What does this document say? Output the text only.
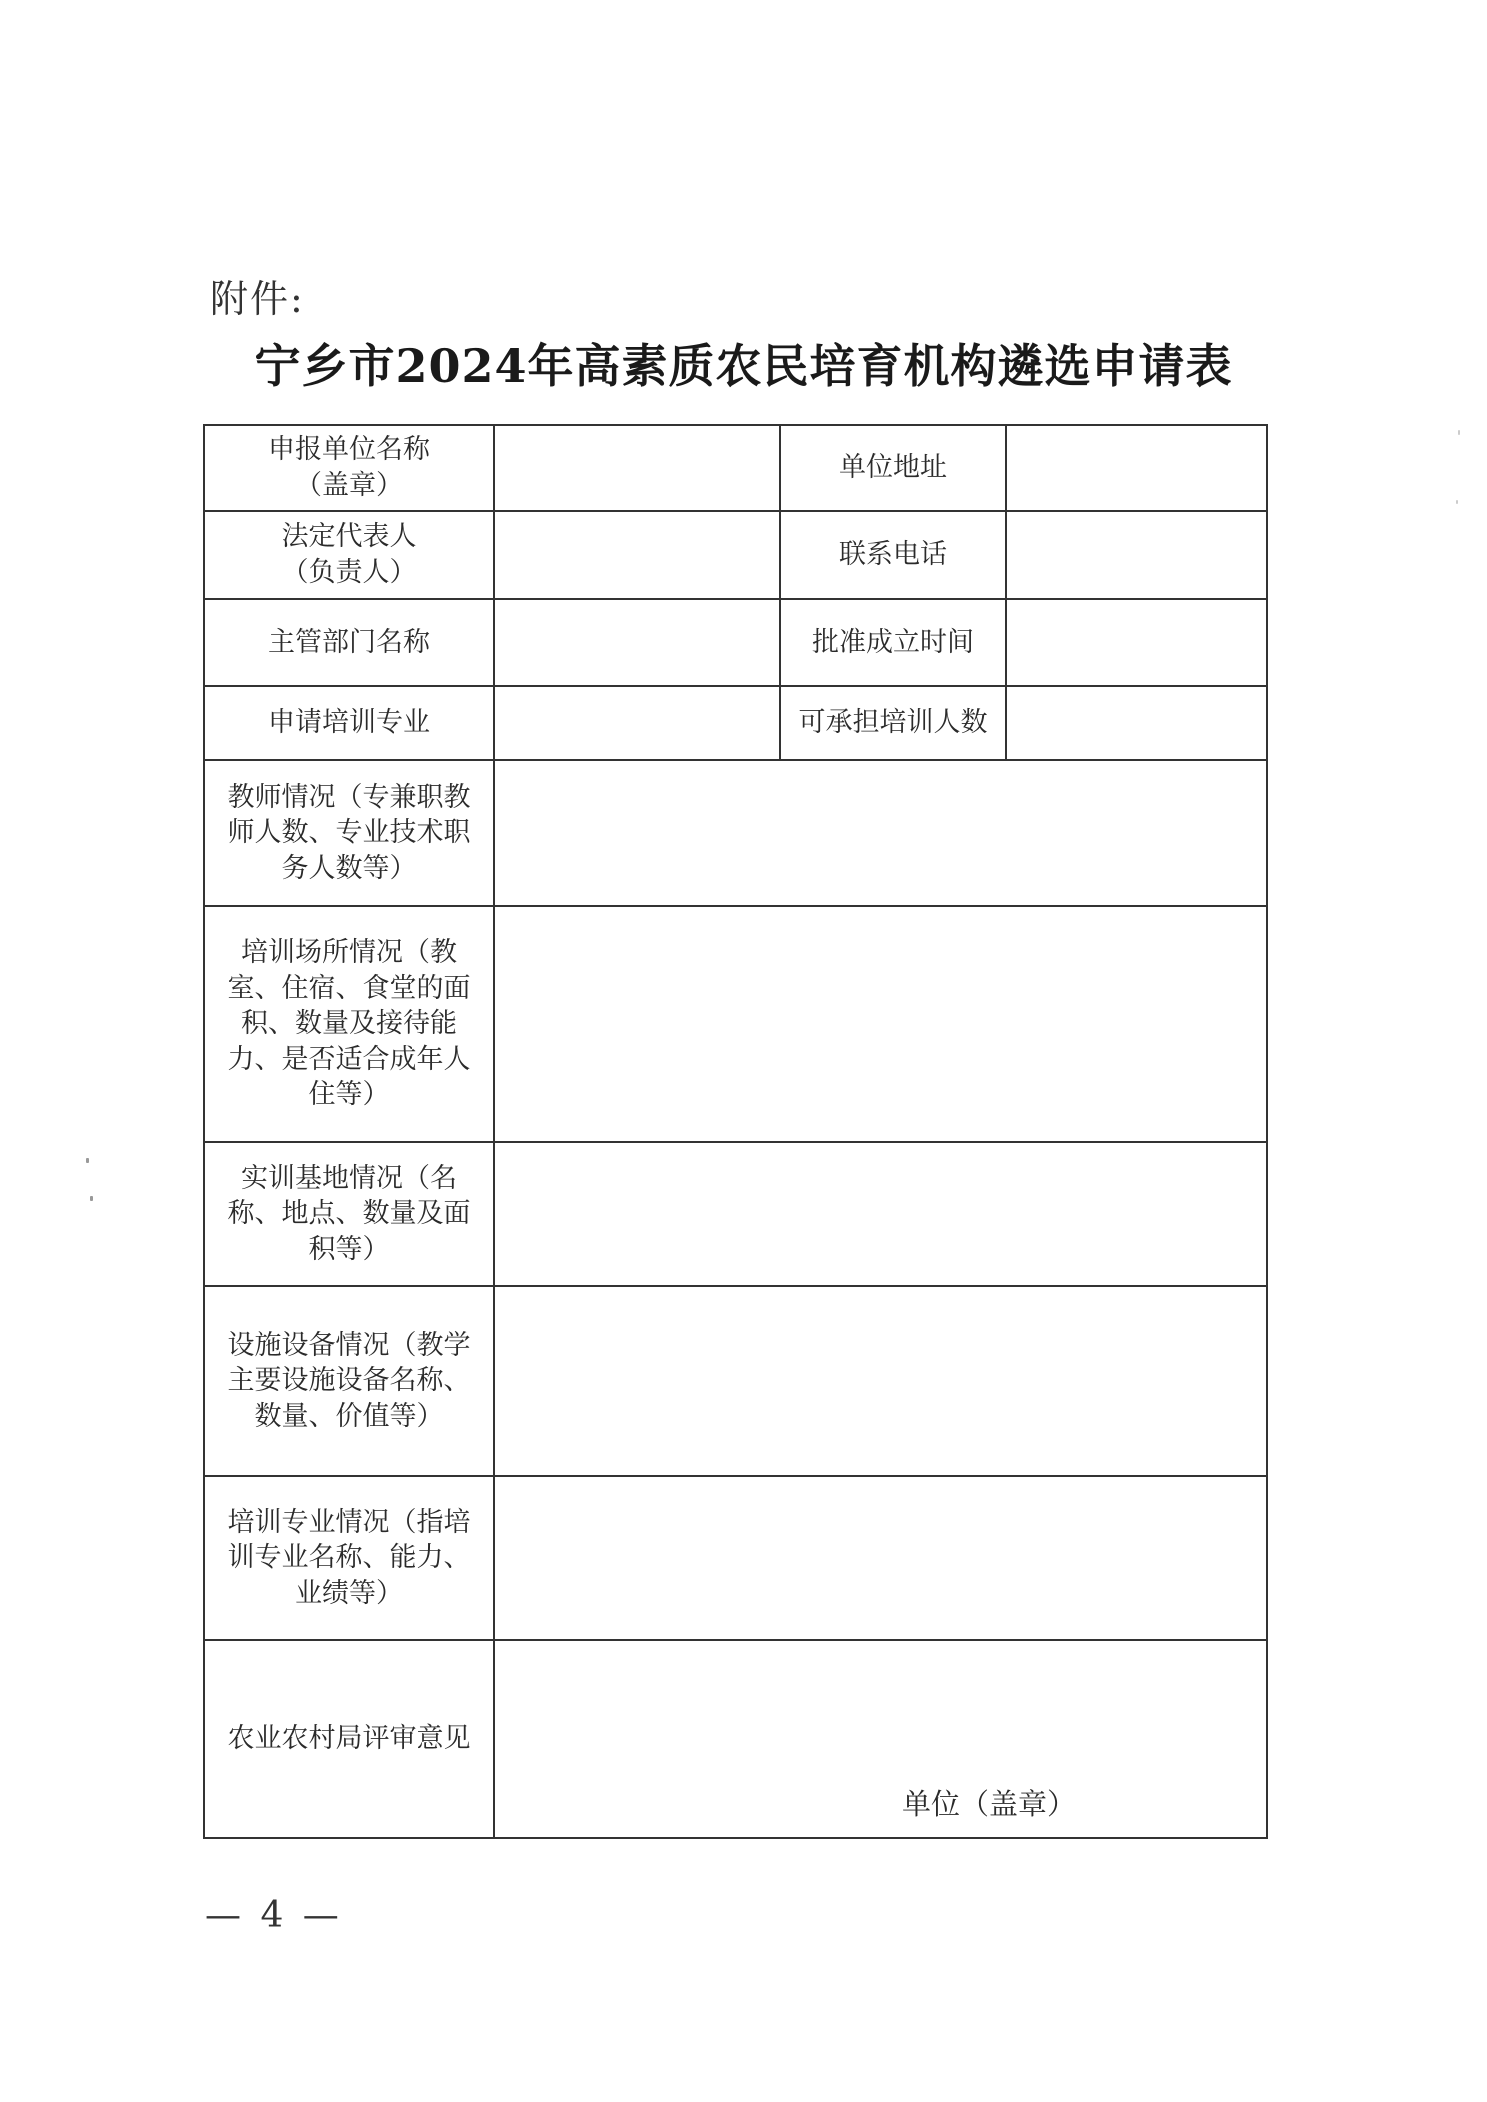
附件:
宁乡市2024年高素质农民培育机构遴选申请表
申报单位名称
（盖章）		单位地址	

法定代表人
（负责人）		联系电话	
主管部门名称		批准成立时间	
申请培训专业		可承担培训人数	
教师情况（专兼职教师人数、专业技术职务人数等）			
培训场所情况（教室、住宿、食堂的面积、数量及接待能力、是否适合成年人住等）			
实训基地情况（名称、地点、数量及面积等）			
设施设备情况（教学主要设施设备名称、数量、价值等）			
培训专业情况（指培训专业名称、能力、业绩等）			
农业农村局评审意见	单位（盖章）		
— 4 —
